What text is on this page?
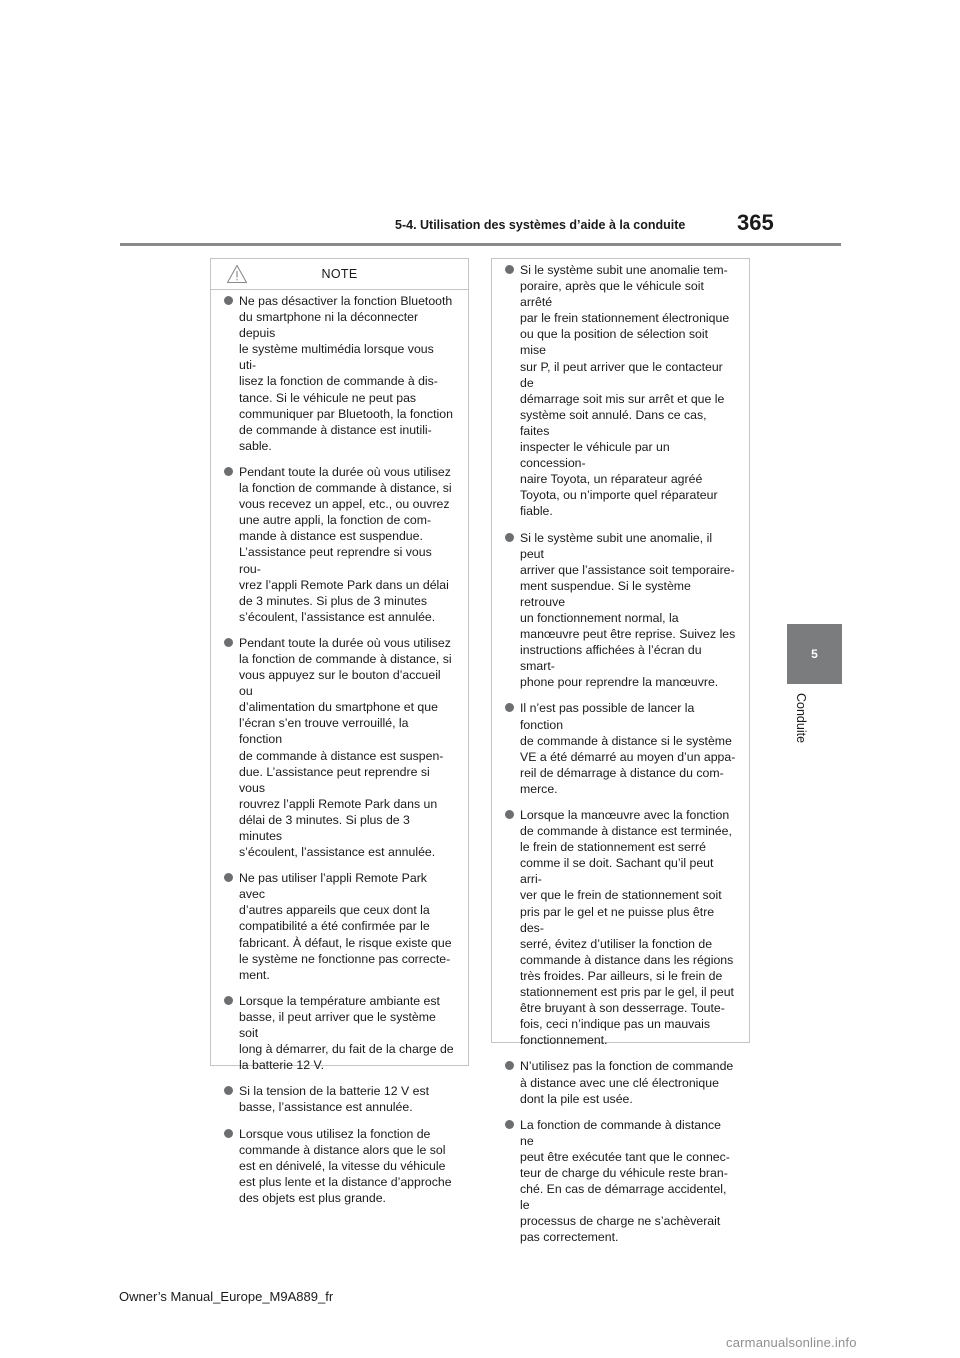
5-4. Utilisation des systèmes d’aide à la conduite 365
5
Conduite
NOTE
Ne pas désactiver la fonction Bluetooth
du smartphone ni la déconnecter depuis
le système multimédia lorsque vous uti-
lisez la fonction de commande à dis-
tance. Si le véhicule ne peut pas
communiquer par Bluetooth, la fonction
de commande à distance est inutili-
sable.
Pendant toute la durée où vous utilisez
la fonction de commande à distance, si
vous recevez un appel, etc., ou ouvrez
une autre appli, la fonction de com-
mande à distance est suspendue.
L’assistance peut reprendre si vous rou-
vrez l’appli Remote Park dans un délai
de 3 minutes. Si plus de 3 minutes
s’écoulent, l’assistance est annulée.
Pendant toute la durée où vous utilisez
la fonction de commande à distance, si
vous appuyez sur le bouton d’accueil ou
d’alimentation du smartphone et que
l’écran s’en trouve verrouillé, la fonction
de commande à distance est suspen-
due. L’assistance peut reprendre si vous
rouvrez l’appli Remote Park dans un
délai de 3 minutes. Si plus de 3 minutes
s’écoulent, l’assistance est annulée.
Ne pas utiliser l’appli Remote Park avec
d’autres appareils que ceux dont la
compatibilité a été confirmée par le
fabricant. À défaut, le risque existe que
le système ne fonctionne pas correcte-
ment.
Lorsque la température ambiante est
basse, il peut arriver que le système soit
long à démarrer, du fait de la charge de
la batterie 12 V.
Si la tension de la batterie 12 V est
basse, l’assistance est annulée.
Lorsque vous utilisez la fonction de
commande à distance alors que le sol
est en dénivelé, la vitesse du véhicule
est plus lente et la distance d’approche
des objets est plus grande.
Si le système subit une anomalie tem-
poraire, après que le véhicule soit arrêté
par le frein stationnement électronique
ou que la position de sélection soit mise
sur P, il peut arriver que le contacteur de
démarrage soit mis sur arrêt et que le
système soit annulé. Dans ce cas, faites
inspecter le véhicule par un concession-
naire Toyota, un réparateur agréé
Toyota, ou n’importe quel réparateur
fiable.
Si le système subit une anomalie, il peut
arriver que l’assistance soit temporaire-
ment suspendue. Si le système retrouve
un fonctionnement normal, la
manœuvre peut être reprise. Suivez les
instructions affichées à l’écran du smart-
phone pour reprendre la manœuvre.
Il n’est pas possible de lancer la fonction
de commande à distance si le système
VE a été démarré au moyen d’un appa-
reil de démarrage à distance du com-
merce.
Lorsque la manœuvre avec la fonction
de commande à distance est terminée,
le frein de stationnement est serré
comme il se doit. Sachant qu’il peut arri-
ver que le frein de stationnement soit
pris par le gel et ne puisse plus être des-
serré, évitez d’utiliser la fonction de
commande à distance dans les régions
très froides. Par ailleurs, si le frein de
stationnement est pris par le gel, il peut
être bruyant à son desserrage. Toute-
fois, ceci n’indique pas un mauvais
fonctionnement.
N’utilisez pas la fonction de commande
à distance avec une clé électronique
dont la pile est usée.
La fonction de commande à distance ne
peut être exécutée tant que le connec-
teur de charge du véhicule reste bran-
ché. En cas de démarrage accidentel, le
processus de charge ne s’achèverait
pas correctement.
Owner’s Manual_Europe_M9A889_fr
carmanualsonline.info
